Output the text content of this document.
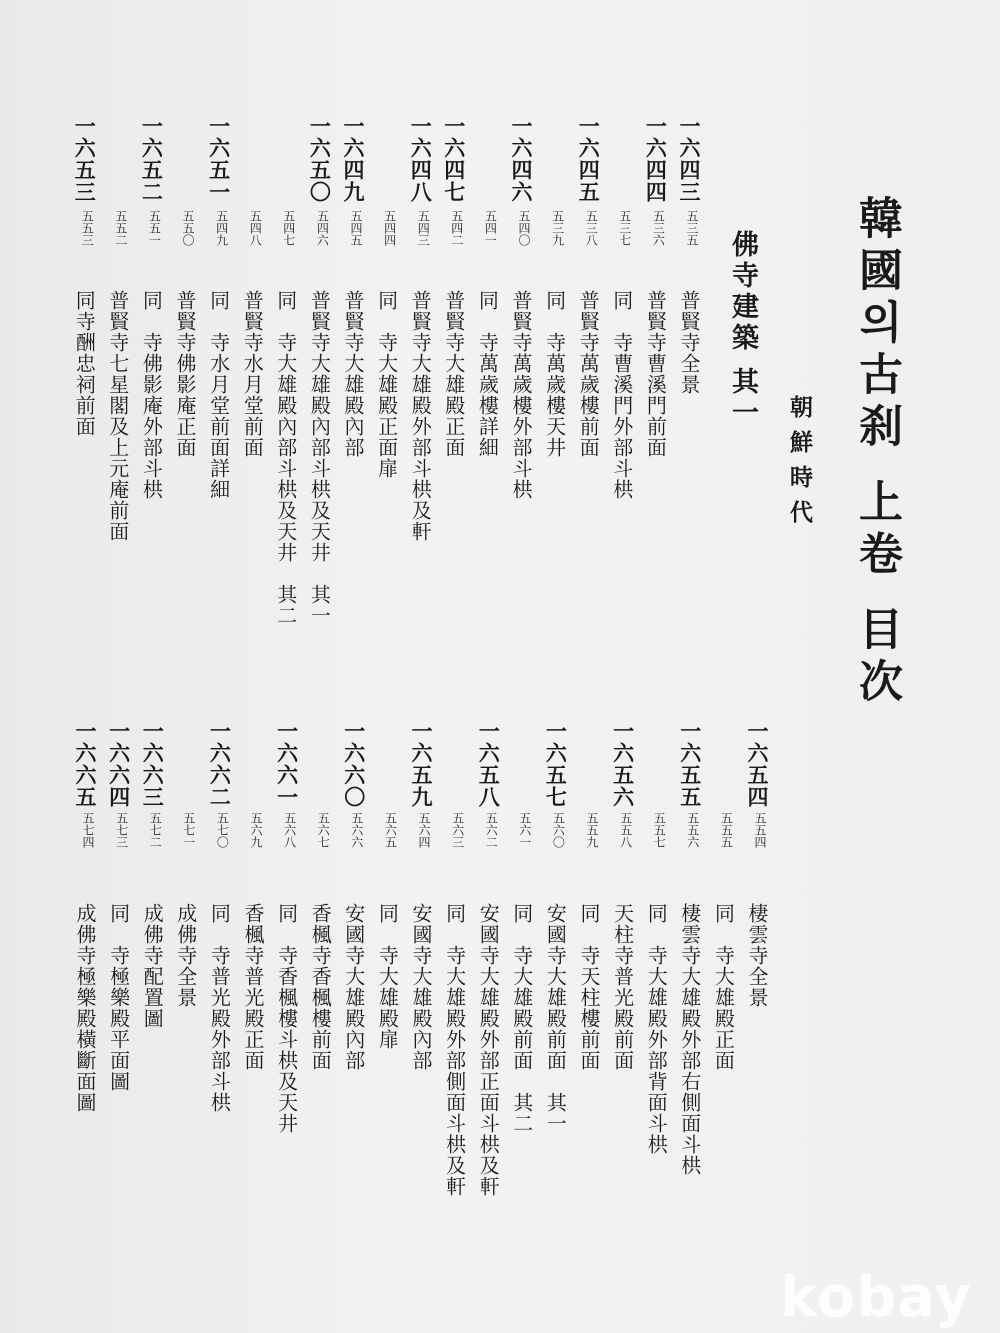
韓國의古刹 上卷 目次
朝鮮時代
佛寺建築 其一
一六四三
五三五
普賢寺全景
一六四四
五三六
普賢寺曹溪門前面
五三七
同　寺曹溪門外部斗栱
一六四五
五三八
普賢寺萬歲樓前面
五三九
同　寺萬歲樓天井
一六四六
五四〇
普賢寺萬歲樓外部斗栱
五四一
同　寺萬歲樓詳細
一六四七
五四二
普賢寺大雄殿正面
一六四八
五四三
普賢寺大雄殿外部斗栱及軒
五四四
同　寺大雄殿正面扉
一六四九
五四五
普賢寺大雄殿內部
一六五〇
五四六
普賢寺大雄殿內部斗栱及天井　其一
五四七
同　寺大雄殿內部斗栱及天井　其二
五四八
普賢寺水月堂前面
一六五一
五四九
同　寺水月堂前面詳細
五五〇
普賢寺佛影庵正面
一六五二
五五一
同　寺佛影庵外部斗栱
五五二
普賢寺七星閣及上元庵前面
一六五三
五五三
同寺酬忠祠前面
一六五四
五五四
棲雲寺全景
五五五
同　寺大雄殿正面
一六五五
五五六
棲雲寺大雄殿外部右側面斗栱
五五七
同　寺大雄殿外部背面斗栱
一六五六
五五八
天柱寺普光殿前面
五五九
同　寺天柱樓前面
一六五七
五六〇
安國寺大雄殿前面　其一
五六一
同　寺大雄殿前面　其二
一六五八
五六二
安國寺大雄殿外部正面斗栱及軒
五六三
同　寺大雄殿外部側面斗栱及軒
一六五九
五六四
安國寺大雄殿內部
五六五
同　寺大雄殿扉
一六六〇
五六六
安國寺大雄殿內部
五六七
香楓寺香楓樓前面
一六六一
五六八
同　寺香楓樓斗栱及天井
五六九
香楓寺普光殿正面
一六六二
五七〇
同　寺普光殿外部斗栱
五七一
成佛寺全景
一六六三
五七二
成佛寺配置圖
一六六四
五七三
同　寺極樂殿平面圖
一六六五
五七四
成佛寺極樂殿橫斷面圖
kobay
